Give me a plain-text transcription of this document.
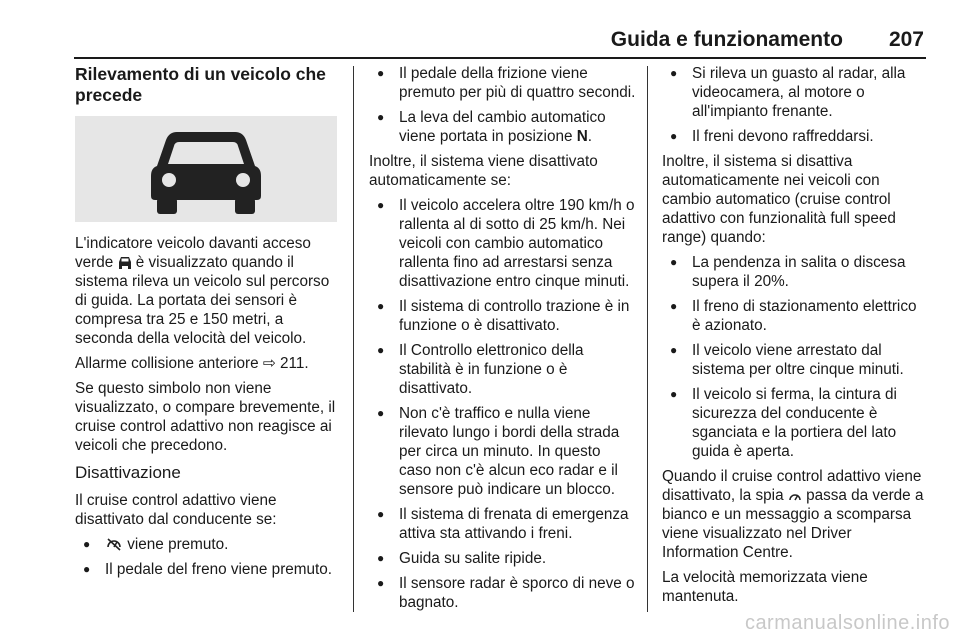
Guida e funzionamento 207
Rilevamento di un veicolo che precede

L'indicatore veicolo davanti acceso verde è visualizzato quando il sistema rileva un veicolo sul percorso di guida. La portata dei sensori è compresa tra 25 e 150 metri, a seconda della velocità del veicolo.

Allarme collisione anteriore ⇨ 211.

Se questo simbolo non viene visualizzato, o compare brevemente, il cruise control adattivo non reagisce ai veicoli che precedono.

Disattivazione

Il cruise control adattivo viene disattivato dal conducente se:

● viene premuto.
● Il pedale del freno viene premuto.
● Il pedale della frizione viene premuto per più di quattro secondi.
● La leva del cambio automatico viene portata in posizione N.

Inoltre, il sistema viene disattivato automaticamente se:

● Il veicolo accelera oltre 190 km/h o rallenta al di sotto di 25 km/h. Nei veicoli con cambio automatico rallenta fino ad arrestarsi senza disattivazione entro cinque minuti.
● Il sistema di controllo trazione è in funzione o è disattivato.
● Il Controllo elettronico della stabilità è in funzione o è disattivato.
● Non c'è traffico e nulla viene rilevato lungo i bordi della strada per circa un minuto. In questo caso non c'è alcun eco radar e il sensore può indicare un blocco.
● Il sistema di frenata di emergenza attiva sta attivando i freni.
● Guida su salite ripide.
● Il sensore radar è sporco di neve o bagnato.
● Si rileva un guasto al radar, alla videocamera, al motore o all'impianto frenante.
● Il freni devono raffreddarsi.

Inoltre, il sistema si disattiva automaticamente nei veicoli con cambio automatico (cruise control adattivo con funzionalità full speed range) quando:

● La pendenza in salita o discesa supera il 20%.
● Il freno di stazionamento elettrico è azionato.
● Il veicolo viene arrestato dal sistema per oltre cinque minuti.
● Il veicolo si ferma, la cintura di sicurezza del conducente è sganciata e la portiera del lato guida è aperta.

Quando il cruise control adattivo viene disattivato, la spia passa da verde a bianco e un messaggio a scomparsa viene visualizzato nel Driver Information Centre.

La velocità memorizzata viene mantenuta.

carmanualsonline.info
